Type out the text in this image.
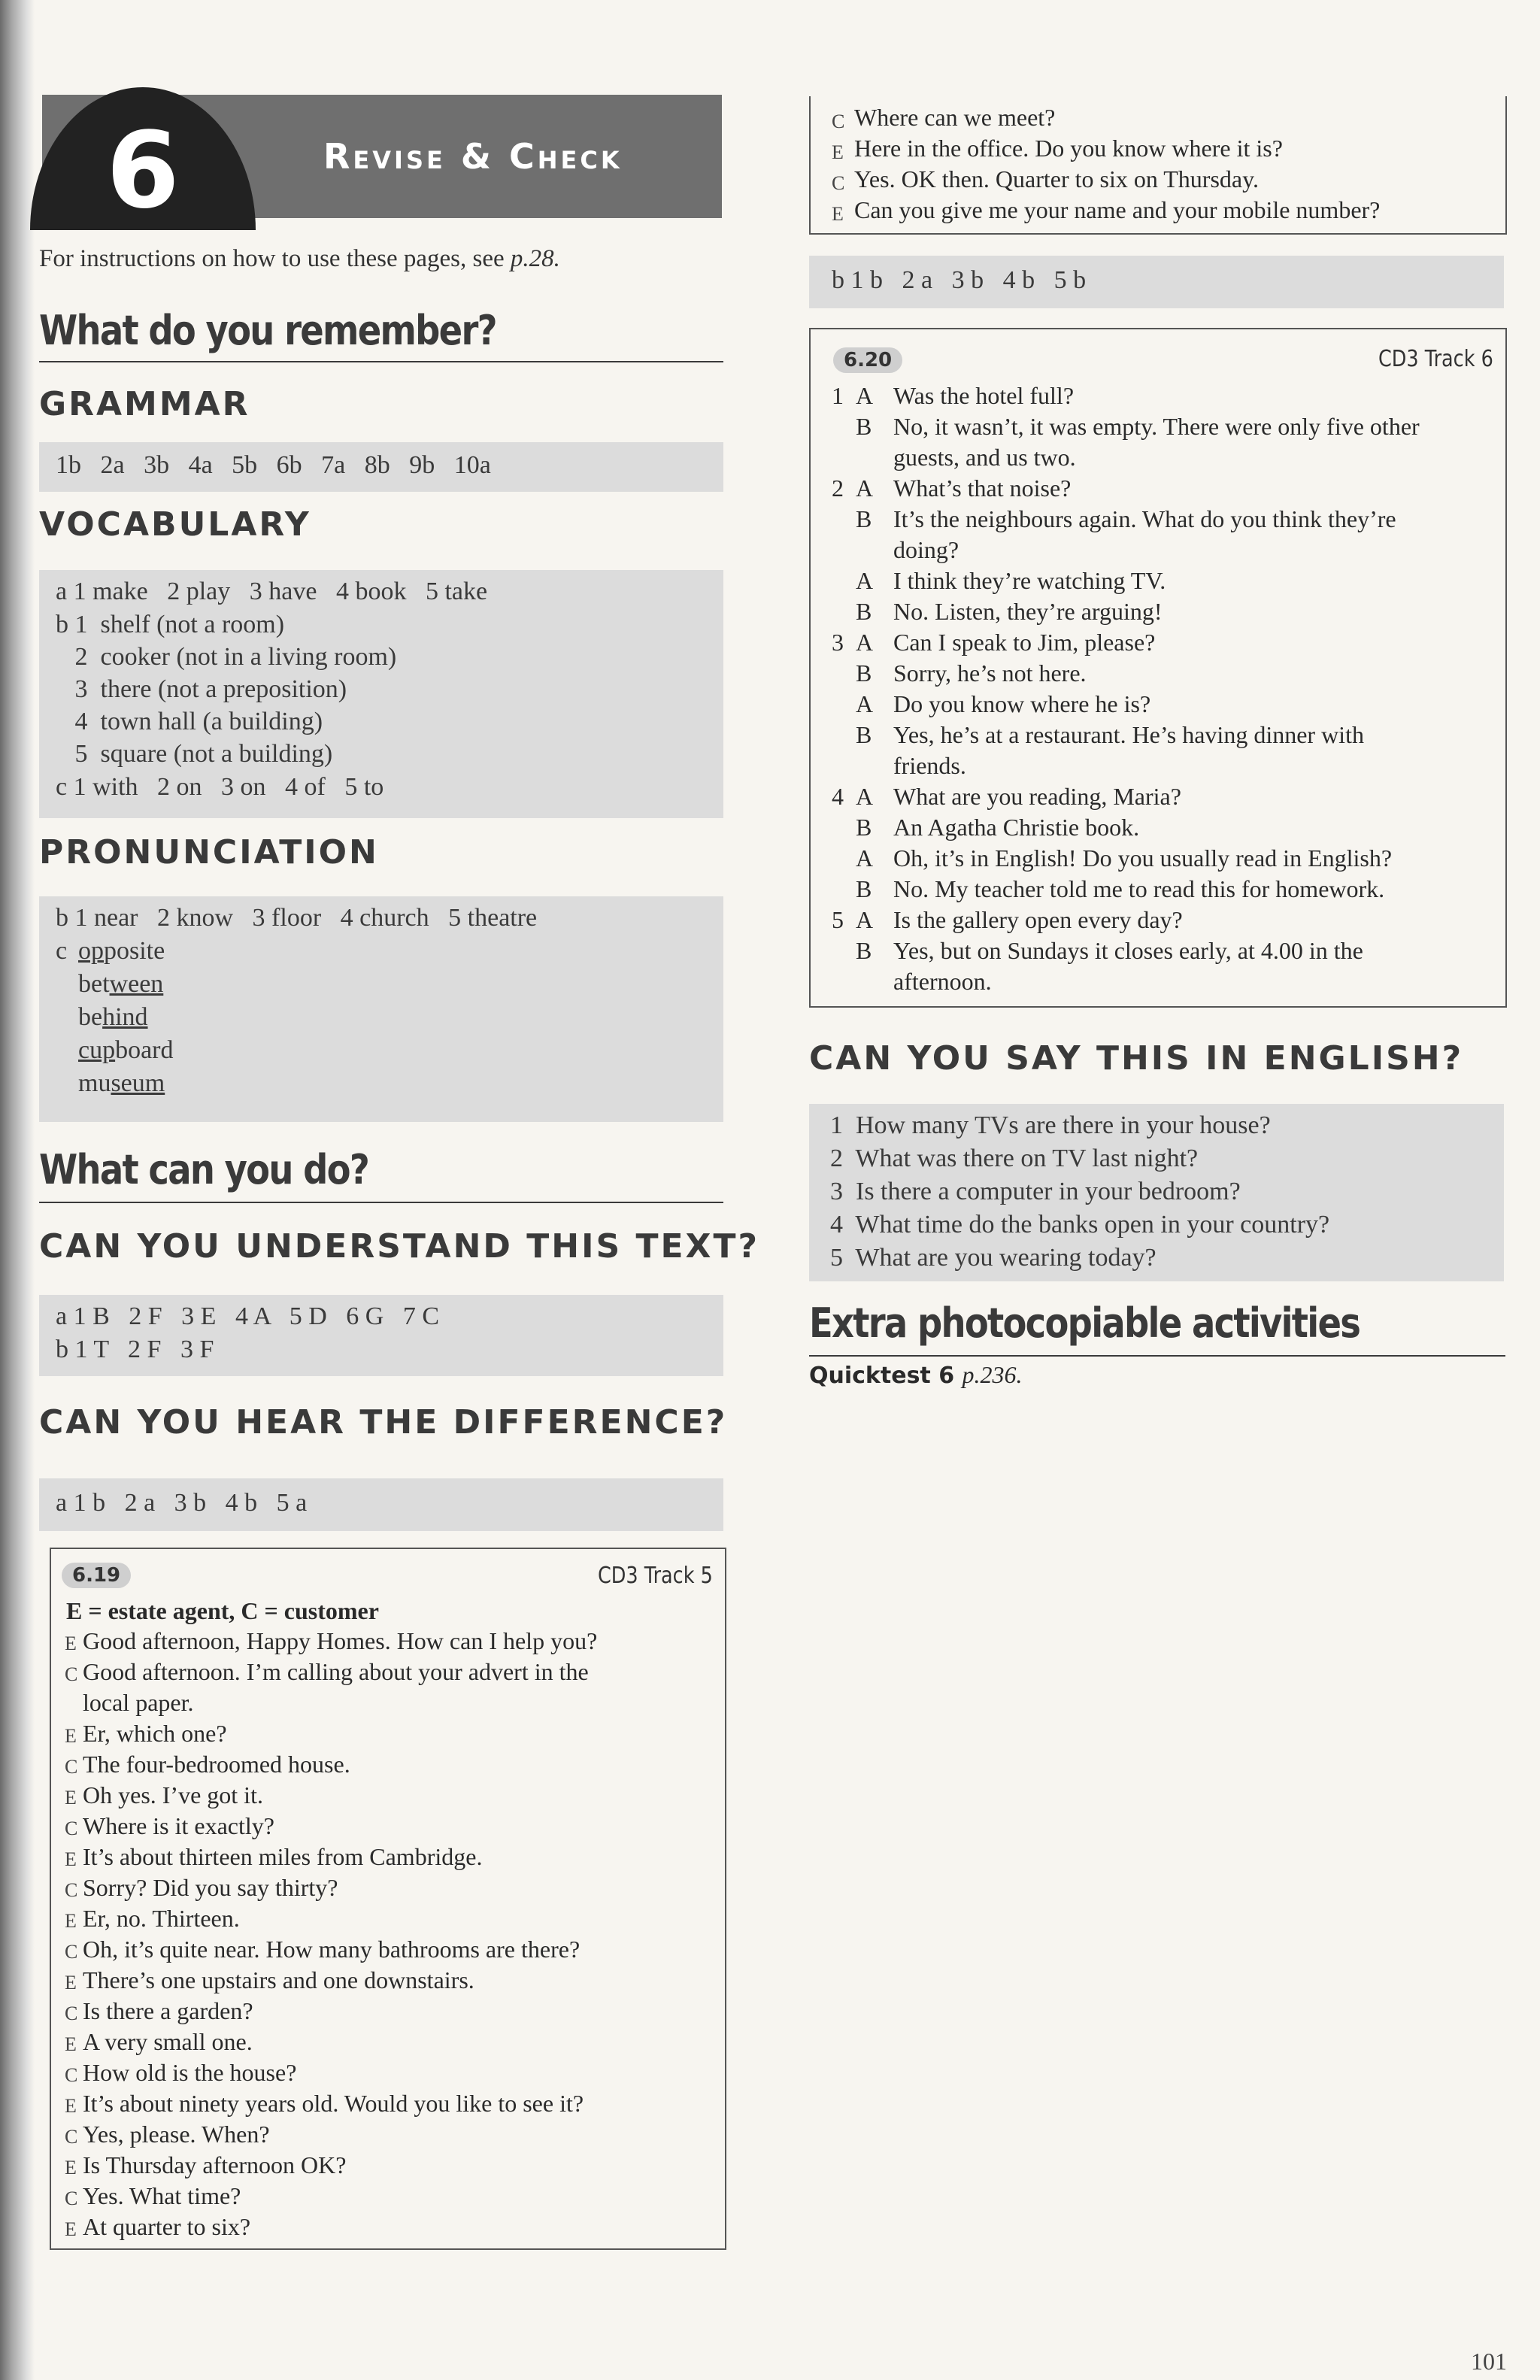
6	Revise & Check
For instructions on how to use these pages, see p.28.
What do you remember?
GRAMMAR
1b   2a   3b   4a   5b   6b   7a   8b   9b   10a
VOCABULARY
a 1 make   2 play   3 have   4 book   5 take
b 1  shelf (not a room)
2  cooker (not in a living room)
3  there (not a preposition)
4  town hall (a building)
5  square (not a building)
c 1 with   2 on   3 on   4 of   5 to
PRONUNCIATION
b 1 near   2 know   3 floor   4 church   5 theatre
c opposite
between
behind
cupboard
museum
What can you do?
CAN YOU UNDERSTAND THIS TEXT?
a 1 B   2 F   3 E   4 A   5 D   6 G   7 C
b 1 T   2 F   3 F
CAN YOU HEAR THE DIFFERENCE?
a 1 b   2 a   3 b   4 b   5 a
6.19	CD3 Track 5
E = estate agent, C = customer
E Good afternoon, Happy Homes. How can I help you?
C Good afternoon. I’m calling about your advert in the
local paper.
E Er, which one?
C The four-bedroomed house.
E Oh yes. I’ve got it.
C Where is it exactly?
E It’s about thirteen miles from Cambridge.
C Sorry? Did you say thirty?
E Er, no. Thirteen.
C Oh, it’s quite near. How many bathrooms are there?
E There’s one upstairs and one downstairs.
C Is there a garden?
E A very small one.
C How old is the house?
E It’s about ninety years old. Would you like to see it?
C Yes, please. When?
E Is Thursday afternoon OK?
C Yes. What time?
E At quarter to six?
C Where can we meet?
E Here in the office. Do you know where it is?
C Yes. OK then. Quarter to six on Thursday.
E Can you give me your name and your mobile number?
b 1 b   2 a   3 b   4 b   5 b
6.20	CD3 Track 6
1 A Was the hotel full?
B No, it wasn’t, it was empty. There were only five other
guests, and us two.
2 A What’s that noise?
B It’s the neighbours again. What do you think they’re
doing?
A I think they’re watching TV.
B No. Listen, they’re arguing!
3 A Can I speak to Jim, please?
B Sorry, he’s not here.
A Do you know where he is?
B Yes, he’s at a restaurant. He’s having dinner with
friends.
4 A What are you reading, Maria?
B An Agatha Christie book.
A Oh, it’s in English! Do you usually read in English?
B No. My teacher told me to read this for homework.
5 A Is the gallery open every day?
B Yes, but on Sundays it closes early, at 4.00 in the
afternoon.
CAN YOU SAY THIS IN ENGLISH?
1  How many TVs are there in your house?
2  What was there on TV last night?
3  Is there a computer in your bedroom?
4  What time do the banks open in your country?
5  What are you wearing today?
Extra photocopiable activities
Quicktest 6 p.236.
101
